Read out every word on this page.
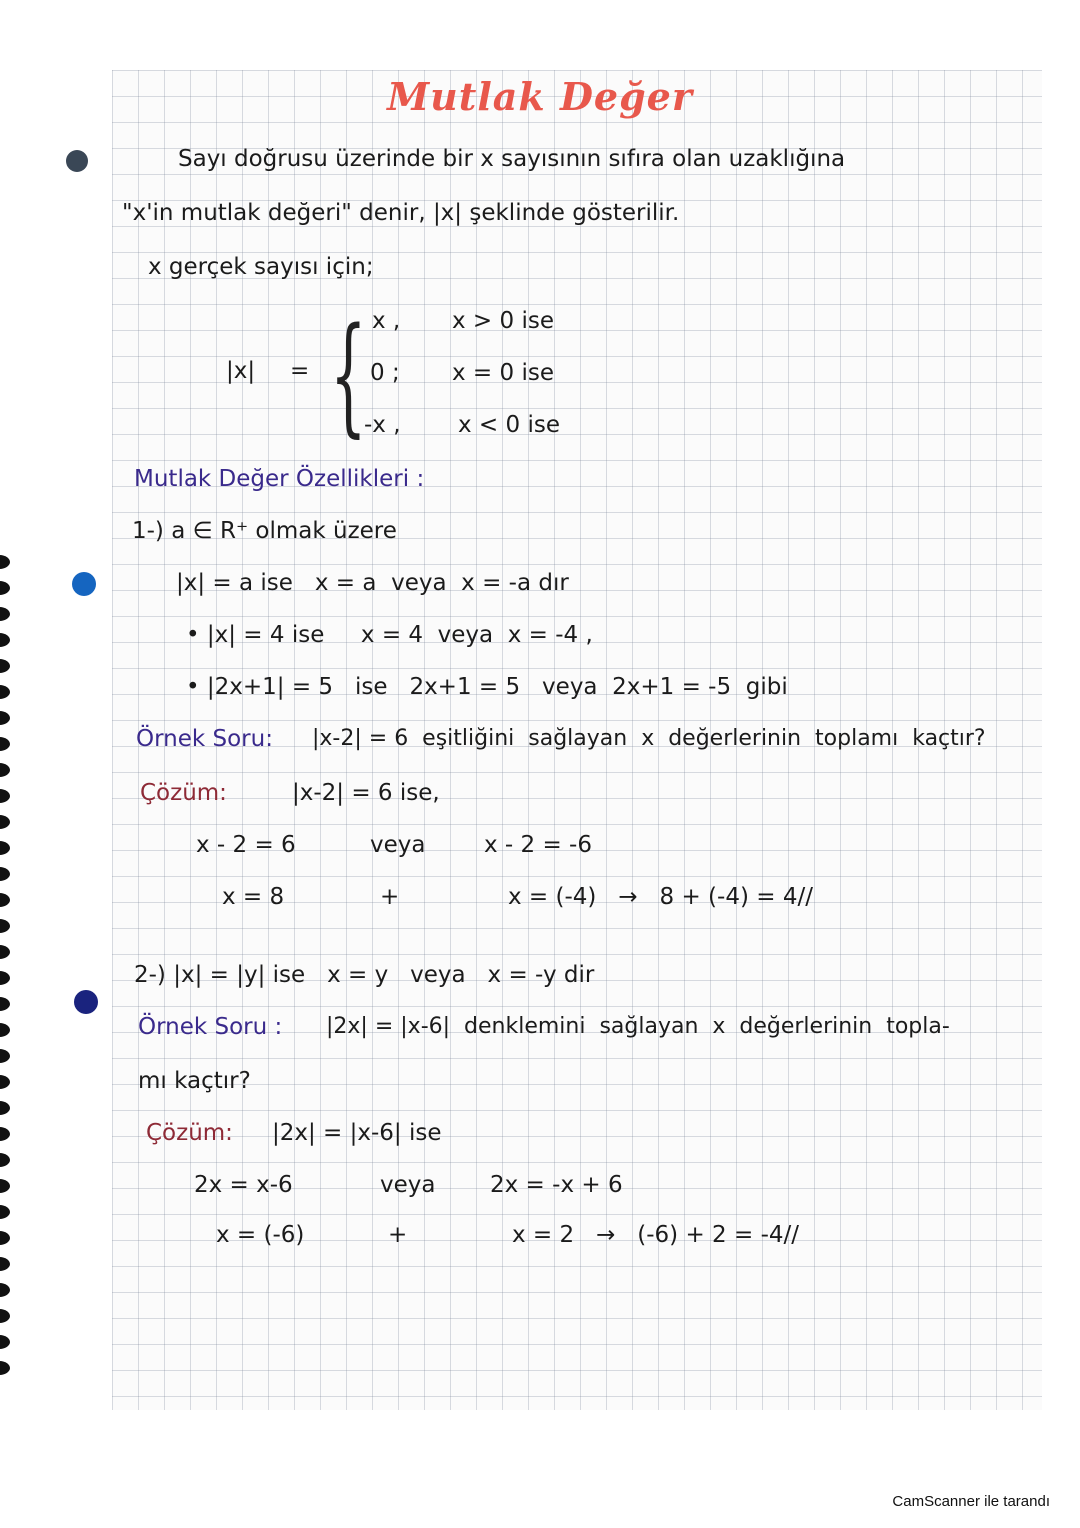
Mutlak Değer
Sayı doğrusu üzerinde bir x sayısının sıfıra olan uzaklığına
"x'in mutlak değeri" denir, |x| şeklinde gösterilir.
x gerçek sayısı için;
|x| = { x , x > 0 ise
0 ; x = 0 ise
-x , x < 0 ise
Mutlak Değer Özellikleri :
1-) a ∈ R⁺ olmak üzere
|x| = a ise   x = a  veya  x = -a dır
• |x| = 4 ise     x = 4  veya  x = -4 ,
• |2x+1| = 5   ise   2x+1 = 5   veya  2x+1 = -5  gibi
Örnek Soru: |x-2| = 6  eşitliğini  sağlayan  x  değerlerinin  toplamı  kaçtır?
Çözüm:	|x-2| = 6 ise,
x - 2 = 6	veya	x - 2 = -6
x = 8	+	x = (-4)   →   8 + (-4) = 4//
2-) |x| = |y| ise   x = y   veya   x = -y dir
Örnek Soru : |2x| = |x-6|  denklemini  sağlayan  x  değerlerinin  topla-
mı kaçtır?
Çözüm: |2x| = |x-6| ise
2x = x-6	veya 2x = -x + 6
x = (-6)	+	x = 2   →   (-6) + 2 = -4//
CamScanner ile tarandı
